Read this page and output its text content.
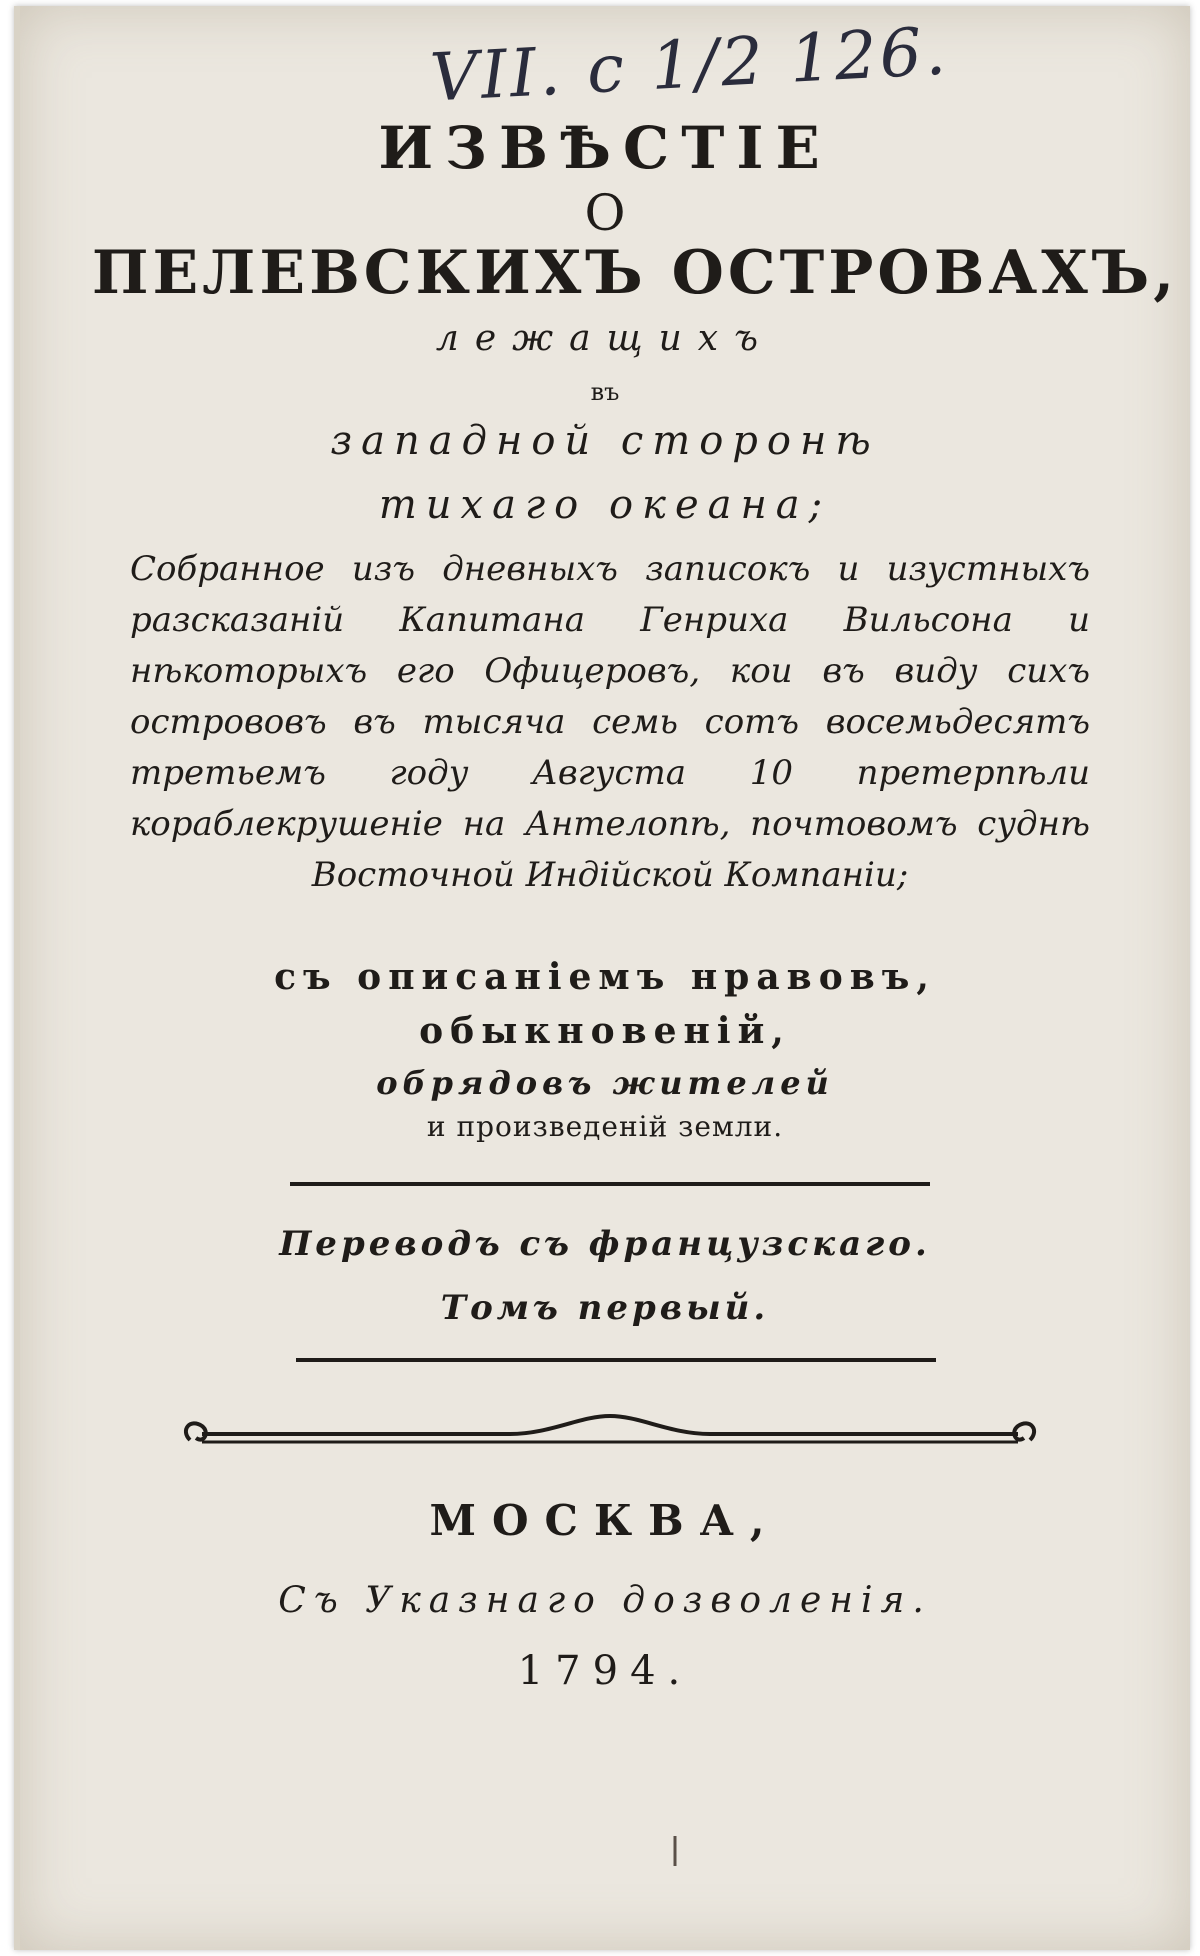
VII. с 1/2 126.
ИЗВѢСТIЕ
О
ПЕЛЕВСКИХЪ ОСТРОВАХЪ,
лежащихъ
въ
западной сторонѣ
тихаго океана;
Собранное изъ дневныхъ записокъ и изустныхъ разсказаній Капитана Генриха Вильсона и нѣкоторыхъ его Офицеровъ, кои въ виду сихъ острововъ въ тысяча семь сотъ восемьдесятъ третьемъ году Августа 10 претерпѣли кораблекрушеніе на Антелопѣ, почтовомъ суднѣ Восточной Индійской Компаніи;
съ описаніемъ нравовъ,
обыкновеній,
обрядовъ жителей
и произведеній земли.
Переводъ съ французскаго.
Томъ первый.
МОСКВА,
Съ Указнаго дозволенія.
1794.
